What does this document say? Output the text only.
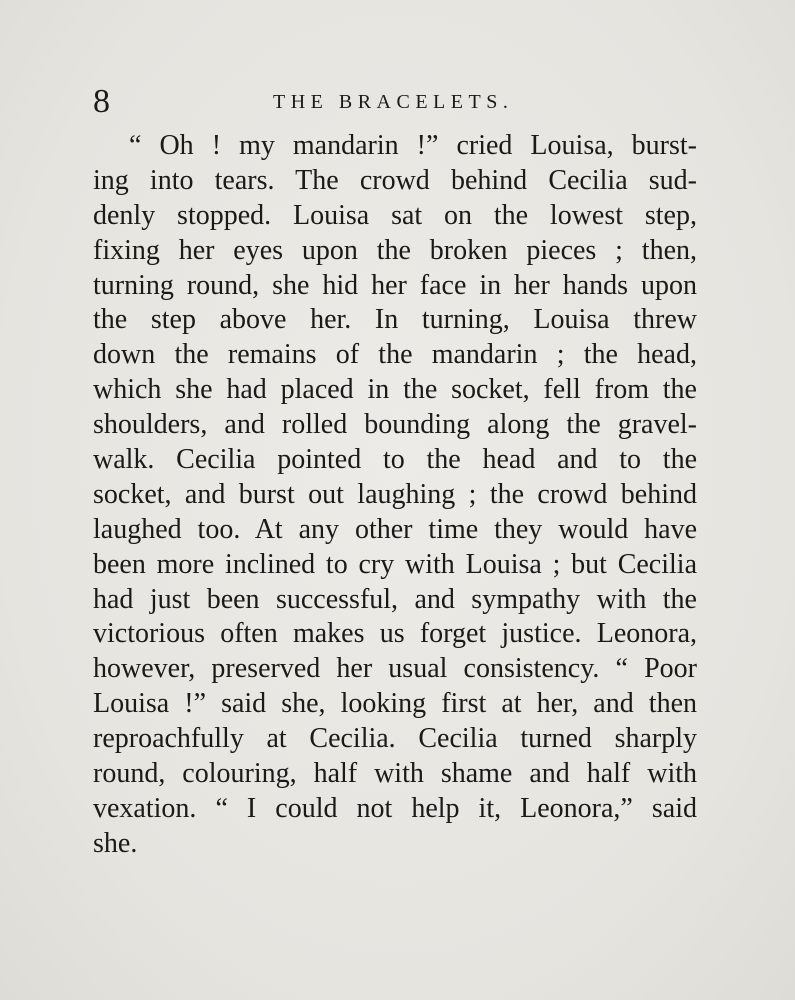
8	THE BRACELETS.
“ Oh ! my mandarin !” cried Louisa, burst-
ing into tears. The crowd behind Cecilia sud-
denly stopped. Louisa sat on the lowest step,
fixing her eyes upon the broken pieces ; then,
turning round, she hid her face in her hands upon
the step above her. In turning, Louisa threw
down the remains of the mandarin ; the head,
which she had placed in the socket, fell from the
shoulders, and rolled bounding along the gravel-
walk. Cecilia pointed to the head and to the
socket, and burst out laughing ; the crowd behind
laughed too. At any other time they would have
been more inclined to cry with Louisa ; but Cecilia
had just been successful, and sympathy with the
victorious often makes us forget justice. Leonora,
however, preserved her usual consistency. “ Poor
Louisa !” said she, looking first at her, and then
reproachfully at Cecilia. Cecilia turned sharply
round, colouring, half with shame and half with
vexation. “ I could not help it, Leonora,” said
she.
